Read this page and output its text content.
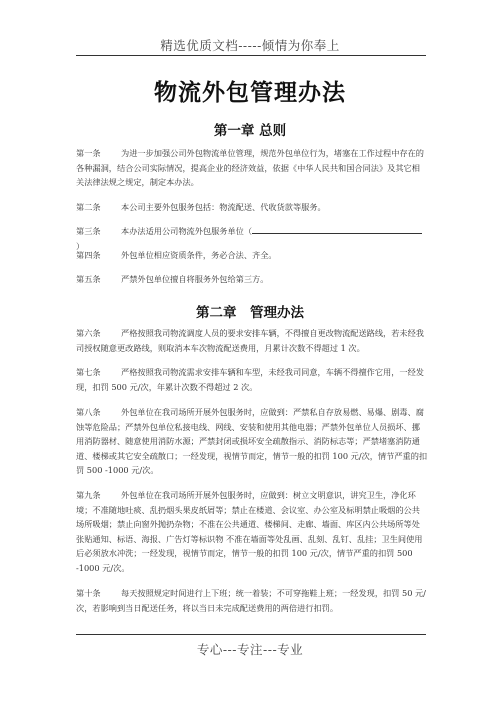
精选优质文档-----倾情为你奉上
物流外包管理办法
第一章 总则

第一条 为进一步加强公司外包物流单位管理，规范外包单位行为，堵塞在工作过程中存在的各种漏洞，结合公司实际情况，提高企业的经济效益，依据《中华人民共和国合同法》及其它相关法律法规之规定，制定本办法。

第二条 本公司主要外包服务包括：物流配送、代收货款等服务。

第三条 本办法适用公司物流外包服务单位（）

第四条 外包单位相应资质条件，务必合法、齐全。

第五条 严禁外包单位擅自将服务外包给第三方。

第二章　管理办法

第六条 严格按照我司物流调度人员的要求安排车辆，不得擅自更改物流配送路线，若未经我司授权随意更改路线，则取消本车次物流配送费用，月累计次数不得超过 1 次。

第七条 严格按照我司物流需求安排车辆和车型，未经我司同意，车辆不得擅作它用，一经发现，扣罚 500 元/次，年累计次数不得超过 2 次。

第八条 外包单位在我司场所开展外包服务时，应做到：严禁私自存放易燃、易爆、剧毒、腐蚀等危险品；严禁外包单位私接电线、网线、安装和使用其他电器；严禁外包单位人员损坏、挪用消防器材、随意使用消防水源；严禁封闭或损坏安全疏散指示、消防标志等；严禁堵塞消防通道、楼梯或其它安全疏散口；一经发现，视情节而定，情节一般的扣罚 100 元/次，情节严重的扣罚 500 -1000 元/次。

第九条 外包单位在我司场所开展外包服务时，应做到：树立文明意识，讲究卫生，净化环境；不准随地吐痰、乱扔烟头果皮纸屑等；禁止在楼道、会议室、办公室及标明禁止吸烟的公共场所吸烟；禁止向窗外抛扔杂物；不准在公共通道、楼梯间、走廊、墙面、库区内公共场所等处张贴通知、标语、海报、广告灯等标识物 不准在墙面等处乱画、乱刻、乱钉、乱挂；卫生间使用后必须放水冲洗；一经发现，视情节而定，情节一般的扣罚 100 元/次，情节严重的扣罚 500 -1000 元/次。

第十条 每天按照规定时间进行上下班；统一着装；不可穿拖鞋上班；一经发现，扣罚 50 元/次，若影响到当日配送任务，将以当日未完成配送费用的两倍进行扣罚。

专心---专注---专业
